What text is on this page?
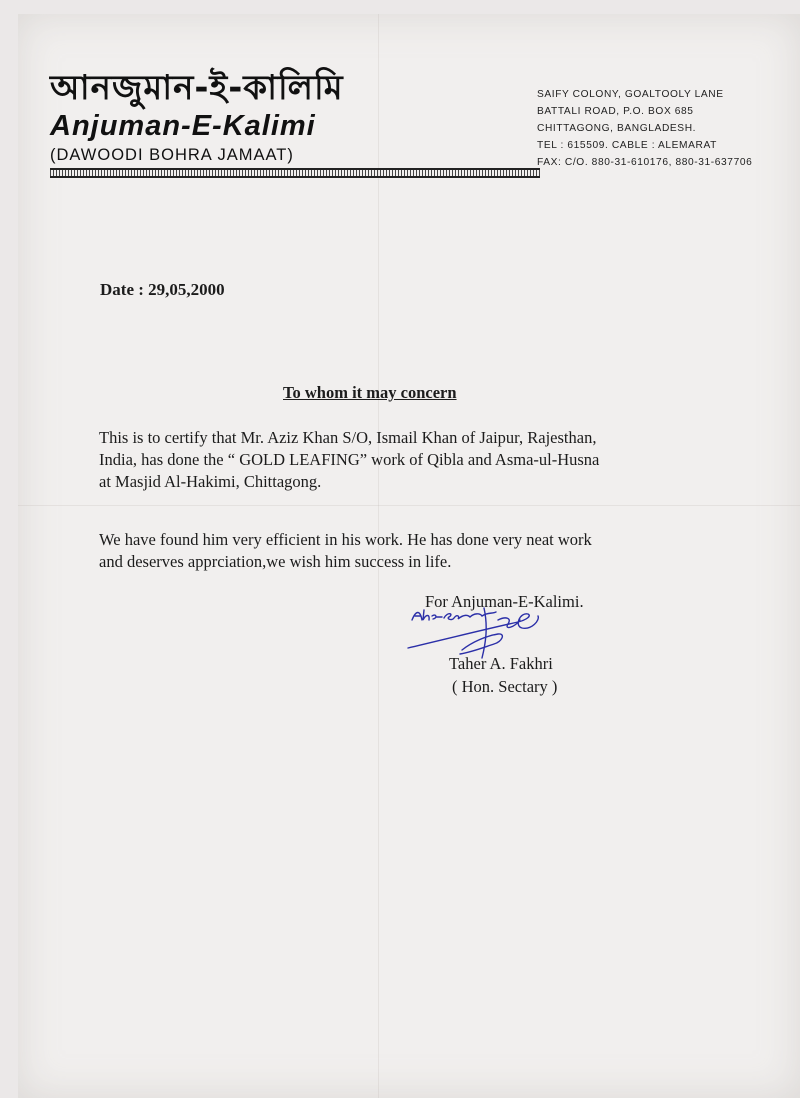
আনজুমান-ই-কালিমি
Anjuman-E-Kalimi
(DAWOODI BOHRA JAMAAT)
SAIFY COLONY, GOALTOOLY LANE
BATTALI ROAD, P.O. BOX 685
CHITTAGONG, BANGLADESH.
TEL : 615509. CABLE : ALEMARAT
FAX: C/O. 880-31-610176, 880-31-637706
Date : 29,05,2000
To whom it may concern
This is to certify that Mr. Aziz Khan S/O, Ismail Khan of Jaipur, Rajesthan,
India, has done the “ GOLD LEAFING” work of Qibla and Asma-ul-Husna
at Masjid Al-Hakimi, Chittagong.
We have found him very efficient in his work. He has done very neat work
and deserves apprciation,we wish him success in life.
For Anjuman-E-Kalimi.
Taher A. Fakhri
( Hon. Sectary )
